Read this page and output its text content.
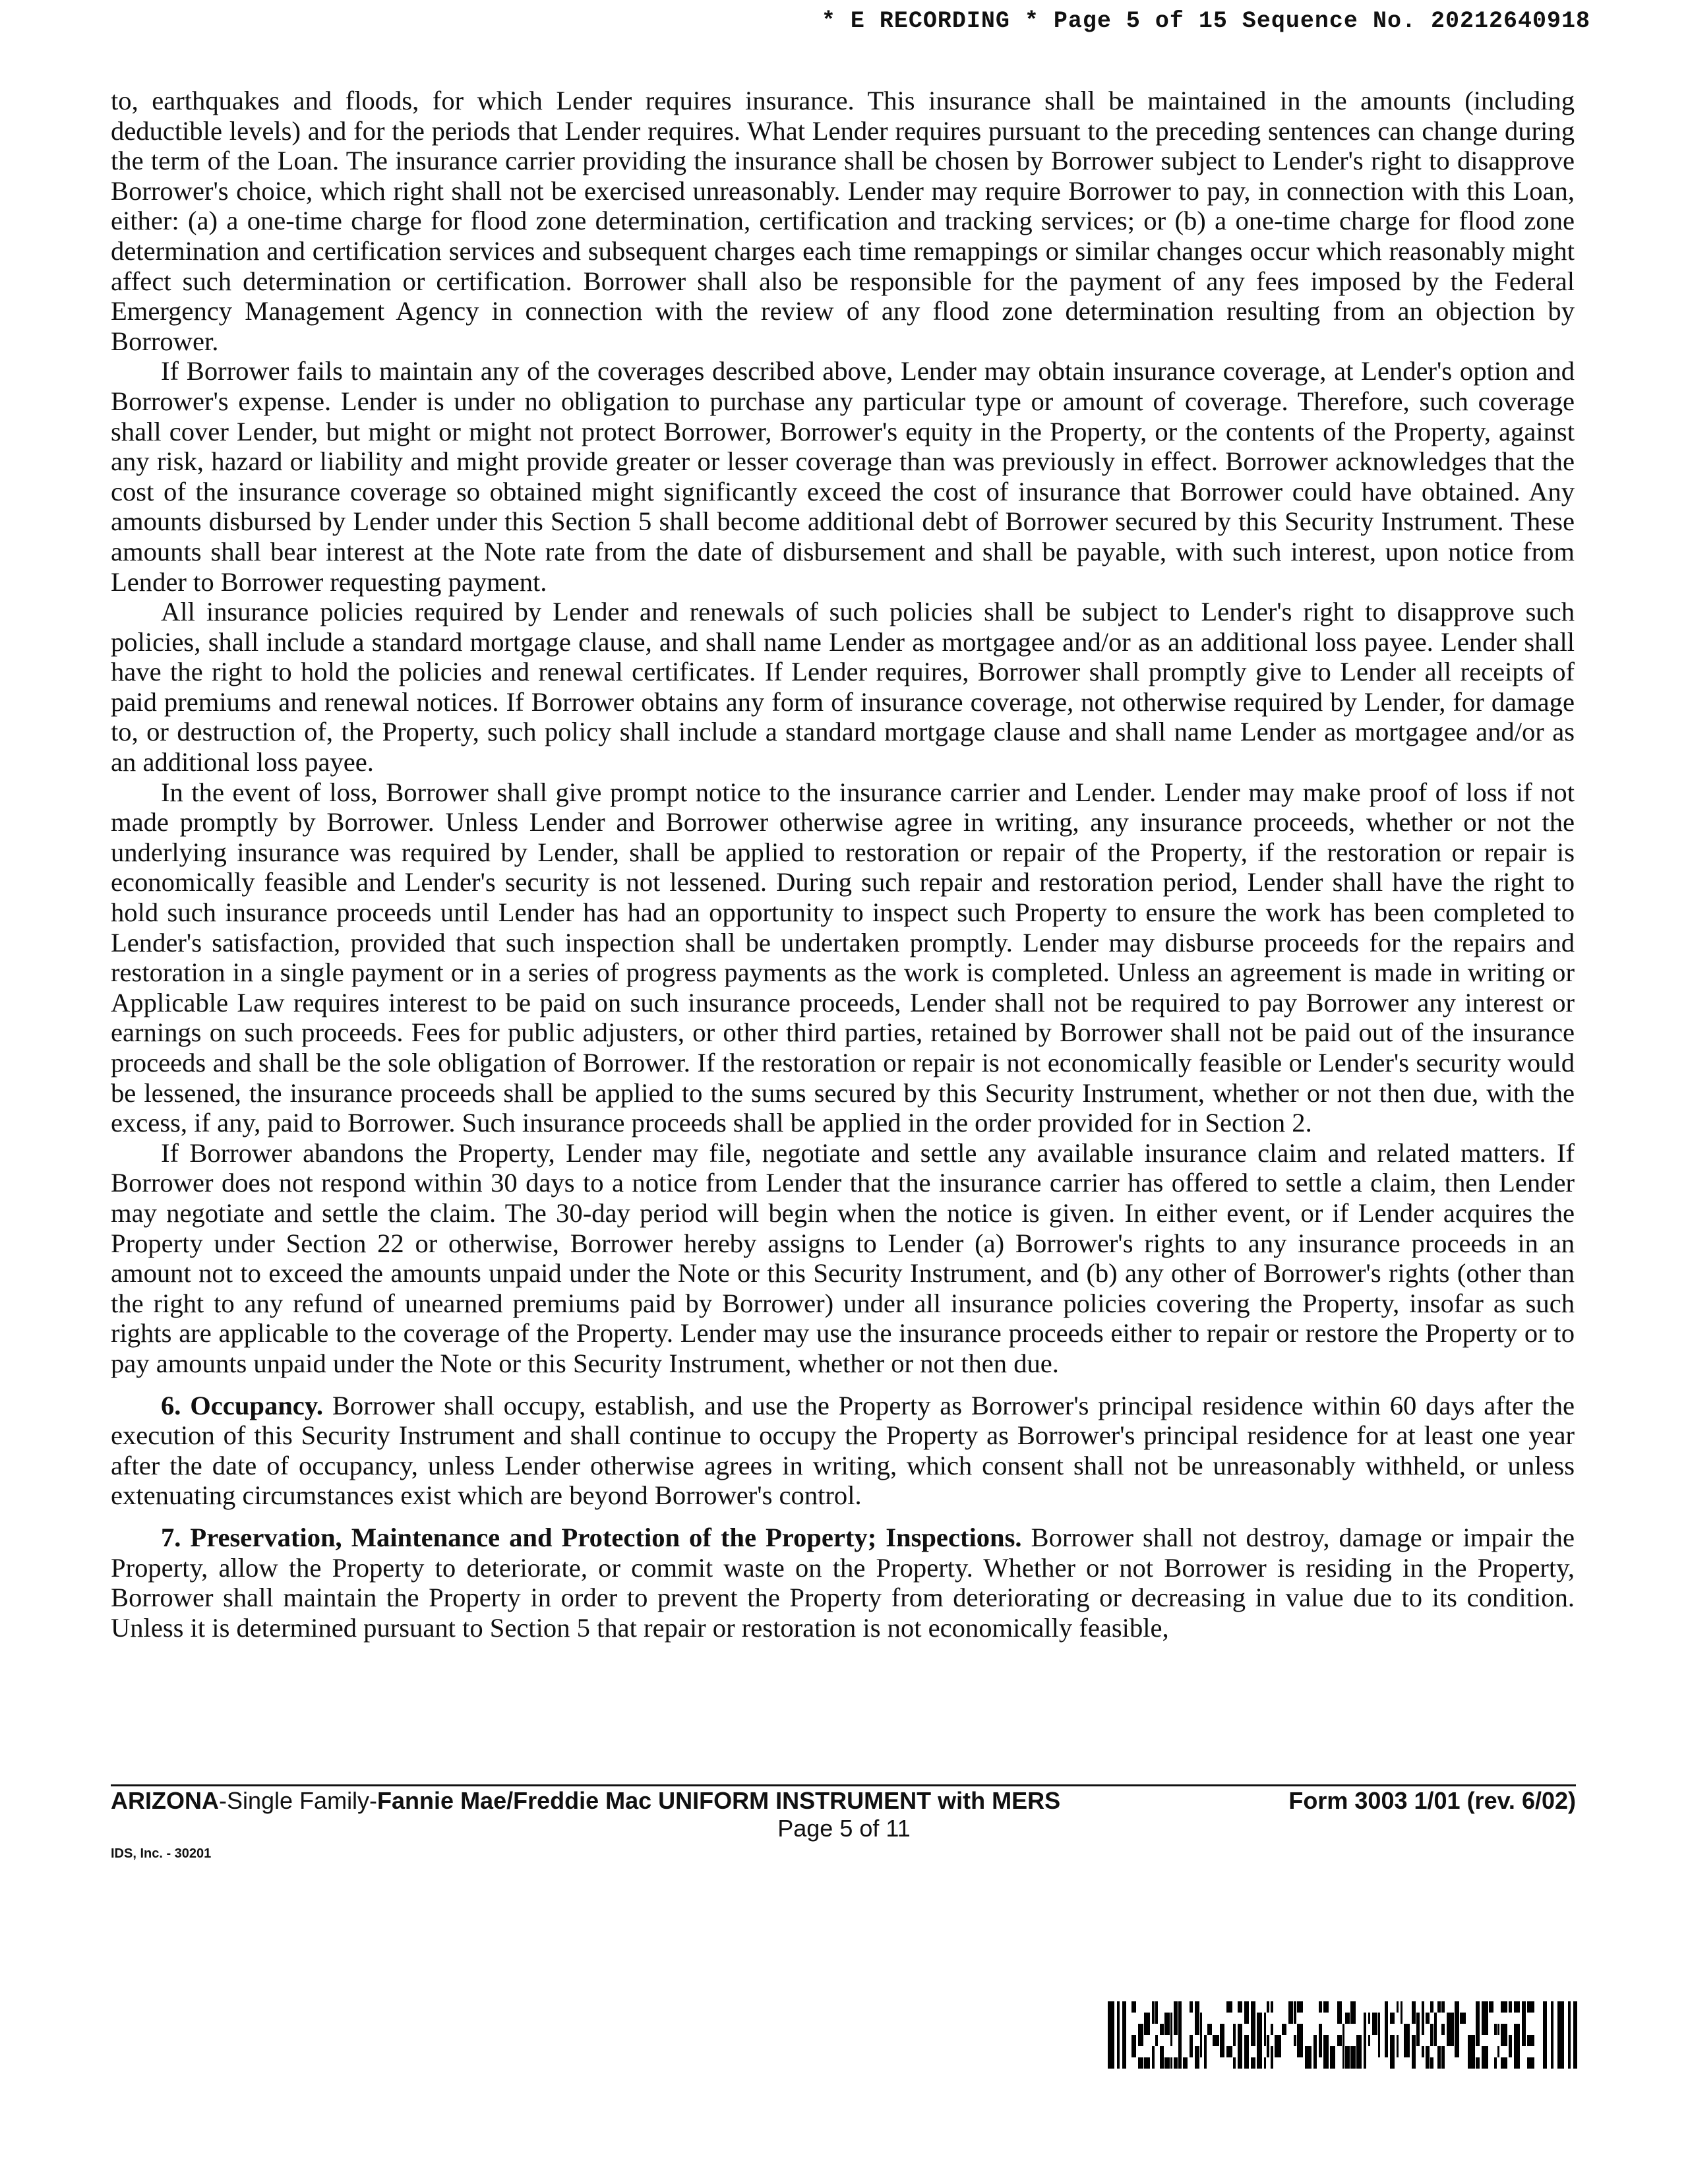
* E RECORDING * Page 5 of 15 Sequence No. 20212640918

to, earthquakes and floods, for which Lender requires insurance. This insurance shall be maintained in the amounts (including deductible levels) and for the periods that Lender requires. What Lender requires pursuant to the preceding sentences can change during the term of the Loan. The insurance carrier providing the insurance shall be chosen by Borrower subject to Lender's right to disapprove Borrower's choice, which right shall not be exercised unreasonably. Lender may require Borrower to pay, in connection with this Loan, either: (a) a one-time charge for flood zone determination, certification and tracking services; or (b) a one-time charge for flood zone determination and certification services and subsequent charges each time remappings or similar changes occur which reasonably might affect such determination or certification. Borrower shall also be responsible for the payment of any fees imposed by the Federal Emergency Management Agency in connection with the review of any flood zone determination resulting from an objection by Borrower.

If Borrower fails to maintain any of the coverages described above, Lender may obtain insurance coverage, at Lender's option and Borrower's expense. Lender is under no obligation to purchase any particular type or amount of coverage. Therefore, such coverage shall cover Lender, but might or might not protect Borrower, Borrower's equity in the Property, or the contents of the Property, against any risk, hazard or liability and might provide greater or lesser coverage than was previously in effect. Borrower acknowledges that the cost of the insurance coverage so obtained might significantly exceed the cost of insurance that Borrower could have obtained. Any amounts disbursed by Lender under this Section 5 shall become additional debt of Borrower secured by this Security Instrument. These amounts shall bear interest at the Note rate from the date of disbursement and shall be payable, with such interest, upon notice from Lender to Borrower requesting payment.

All insurance policies required by Lender and renewals of such policies shall be subject to Lender's right to disapprove such policies, shall include a standard mortgage clause, and shall name Lender as mortgagee and/or as an additional loss payee. Lender shall have the right to hold the policies and renewal certificates. If Lender requires, Borrower shall promptly give to Lender all receipts of paid premiums and renewal notices. If Borrower obtains any form of insurance coverage, not otherwise required by Lender, for damage to, or destruction of, the Property, such policy shall include a standard mortgage clause and shall name Lender as mortgagee and/or as an additional loss payee.

In the event of loss, Borrower shall give prompt notice to the insurance carrier and Lender. Lender may make proof of loss if not made promptly by Borrower. Unless Lender and Borrower otherwise agree in writing, any insurance proceeds, whether or not the underlying insurance was required by Lender, shall be applied to restoration or repair of the Property, if the restoration or repair is economically feasible and Lender's security is not lessened. During such repair and restoration period, Lender shall have the right to hold such insurance proceeds until Lender has had an opportunity to inspect such Property to ensure the work has been completed to Lender's satisfaction, provided that such inspection shall be undertaken promptly. Lender may disburse proceeds for the repairs and restoration in a single payment or in a series of progress payments as the work is completed. Unless an agreement is made in writing or Applicable Law requires interest to be paid on such insurance proceeds, Lender shall not be required to pay Borrower any interest or earnings on such proceeds. Fees for public adjusters, or other third parties, retained by Borrower shall not be paid out of the insurance proceeds and shall be the sole obligation of Borrower. If the restoration or repair is not economically feasible or Lender's security would be lessened, the insurance proceeds shall be applied to the sums secured by this Security Instrument, whether or not then due, with the excess, if any, paid to Borrower. Such insurance proceeds shall be applied in the order provided for in Section 2.

If Borrower abandons the Property, Lender may file, negotiate and settle any available insurance claim and related matters. If Borrower does not respond within 30 days to a notice from Lender that the insurance carrier has offered to settle a claim, then Lender may negotiate and settle the claim. The 30-day period will begin when the notice is given. In either event, or if Lender acquires the Property under Section 22 or otherwise, Borrower hereby assigns to Lender (a) Borrower's rights to any insurance proceeds in an amount not to exceed the amounts unpaid under the Note or this Security Instrument, and (b) any other of Borrower's rights (other than the right to any refund of unearned premiums paid by Borrower) under all insurance policies covering the Property, insofar as such rights are applicable to the coverage of the Property. Lender may use the insurance proceeds either to repair or restore the Property or to pay amounts unpaid under the Note or this Security Instrument, whether or not then due.

6. Occupancy. Borrower shall occupy, establish, and use the Property as Borrower's principal residence within 60 days after the execution of this Security Instrument and shall continue to occupy the Property as Borrower's principal residence for at least one year after the date of occupancy, unless Lender otherwise agrees in writing, which consent shall not be unreasonably withheld, or unless extenuating circumstances exist which are beyond Borrower's control.

7. Preservation, Maintenance and Protection of the Property; Inspections. Borrower shall not destroy, damage or impair the Property, allow the Property to deteriorate, or commit waste on the Property. Whether or not Borrower is residing in the Property, Borrower shall maintain the Property in order to prevent the Property from deteriorating or decreasing in value due to its condition. Unless it is determined pursuant to Section 5 that repair or restoration is not economically feasible,

ARIZONA-Single Family-Fannie Mae/Freddie Mac UNIFORM INSTRUMENT with MERS	Form 3003 1/01 (rev. 6/02)
Page 5 of 11
IDS, Inc. - 30201
